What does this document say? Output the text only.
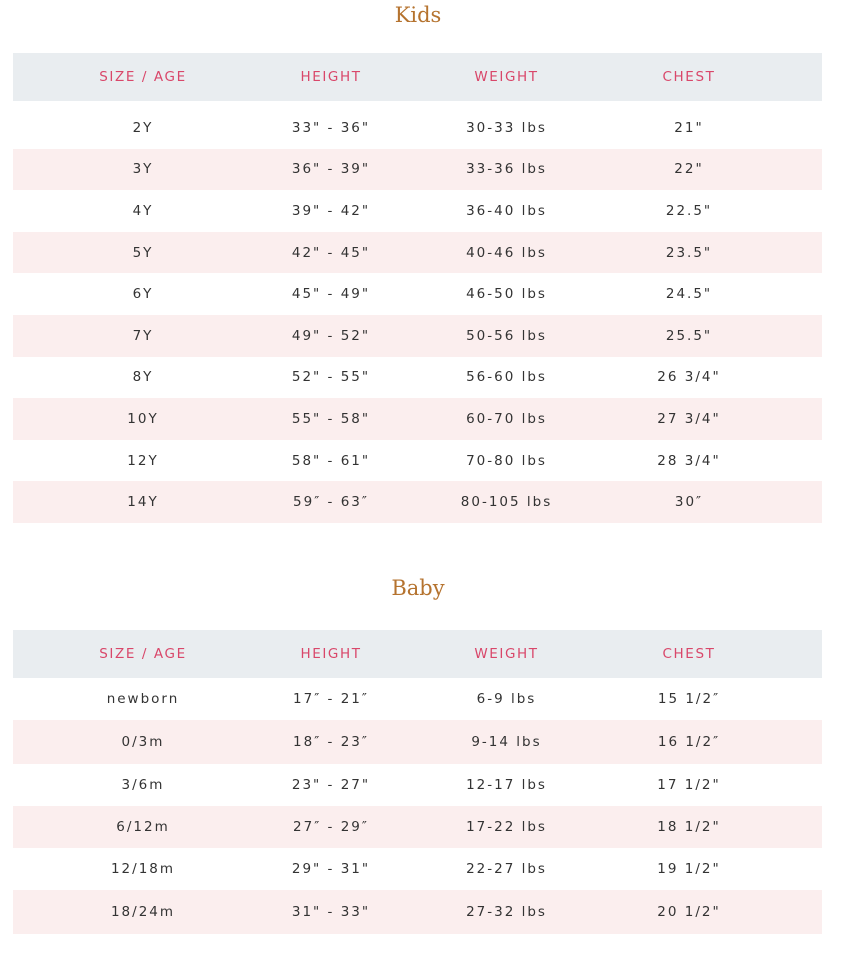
Kids
SIZE / AGE	HEIGHT	WEIGHT	CHEST
2Y	33" - 36"	30-33 lbs	21"
3Y	36" - 39"	33-36 lbs	22"
4Y	39" - 42"	36-40 lbs	22.5"
5Y	42" - 45"	40-46 lbs	23.5"
6Y	45" - 49"	46-50 lbs	24.5"
7Y	49" - 52"	50-56 lbs	25.5"
8Y	52" - 55"	56-60 lbs	26 3/4"
10Y	55" - 58"	60-70 lbs	27 3/4"
12Y	58" - 61"	70-80 lbs	28 3/4"
14Y	59″ - 63″	80-105 lbs	30″
Baby
SIZE / AGE	HEIGHT	WEIGHT	CHEST
newborn	17″ - 21″	6-9 lbs	15 1/2″
0/3m	18″ - 23″	9-14 lbs	16 1/2″
3/6m	23" - 27"	12-17 lbs	17 1/2"
6/12m	27″ - 29″	17-22 lbs	18 1/2"
12/18m	29" - 31"	22-27 lbs	19 1/2"
18/24m	31" - 33"	27-32 lbs	20 1/2"
